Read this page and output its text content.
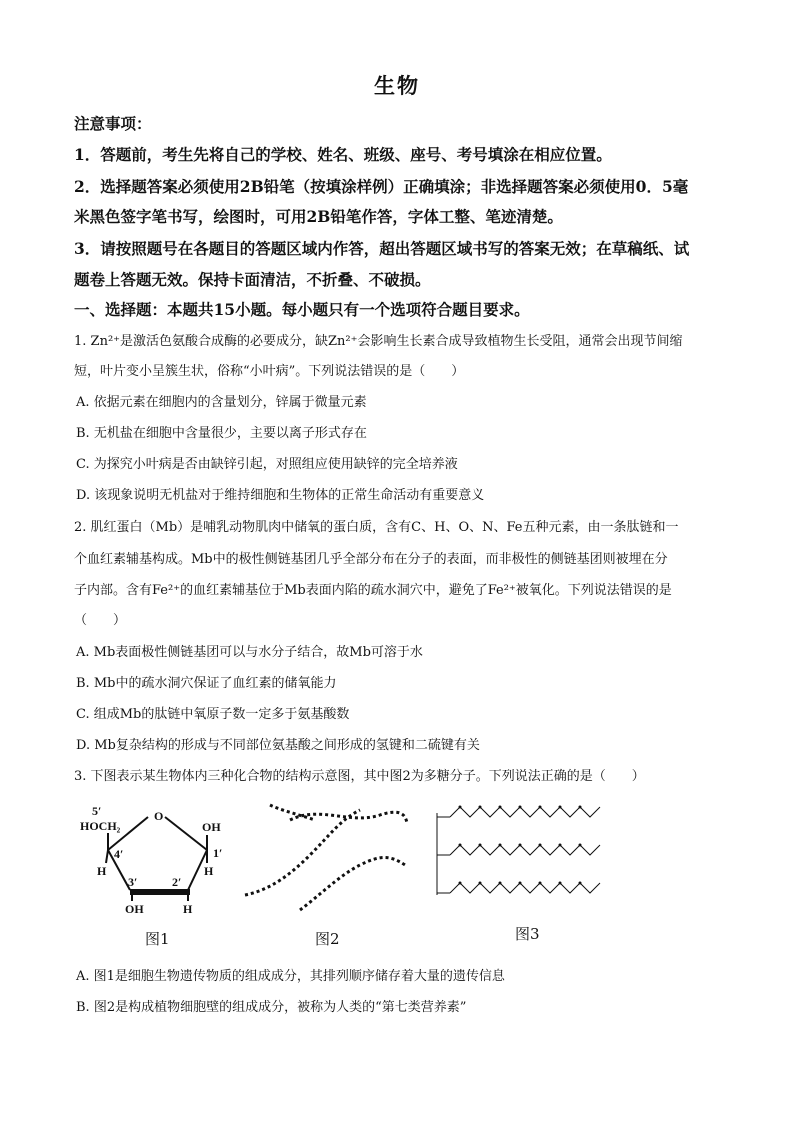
生物
注意事项：
1．答题前，考生先将自己的学校、姓名、班级、座号、考号填涂在相应位置。
2．选择题答案必须使用2B铅笔（按填涂样例）正确填涂；非选择题答案必须使用0．5毫
米黑色签字笔书写，绘图时，可用2B铅笔作答，字体工整、笔迹清楚。
3．请按照题号在各题目的答题区域内作答，超出答题区域书写的答案无效；在草稿纸、试
题卷上答题无效。保持卡面清洁，不折叠、不破损。
一、选择题：本题共15小题。每小题只有一个选项符合题目要求。
1. Zn²⁺是激活色氨酸合成酶的必要成分，缺Zn²⁺会影响生长素合成导致植物生长受阻，通常会出现节间缩
短，叶片变小呈簇生状，俗称“小叶病”。下列说法错误的是（　　）
A. 依据元素在细胞内的含量划分，锌属于微量元素
B. 无机盐在细胞中含量很少，主要以离子形式存在
C. 为探究小叶病是否由缺锌引起，对照组应使用缺锌的完全培养液
D. 该现象说明无机盐对于维持细胞和生物体的正常生命活动有重要意义
2. 肌红蛋白（Mb）是哺乳动物肌肉中储氧的蛋白质，含有C、H、O、N、Fe五种元素，由一条肽链和一
个血红素辅基构成。Mb中的极性侧链基团几乎全部分布在分子的表面，而非极性的侧链基团则被埋在分
子内部。含有Fe²⁺的血红素辅基位于Mb表面内陷的疏水洞穴中，避免了Fe²⁺被氧化。下列说法错误的是
（　　）
A. Mb表面极性侧链基团可以与水分子结合，故Mb可溶于水
B. Mb中的疏水洞穴保证了血红素的储氧能力
C. 组成Mb的肽链中氧原子数一定多于氨基酸数
D. Mb复杂结构的形成与不同部位氨基酸之间形成的氢键和二硫键有关
3. 下图表示某生物体内三种化合物的结构示意图，其中图2为多糖分子。下列说法正确的是（　　）
5′
HOCH₂
O
OH
4′	1′
H
3′	2′
H
OH	H
图1	图2	图3
A. 图1是细胞生物遗传物质的组成成分，其排列顺序储存着大量的遗传信息
B. 图2是构成植物细胞壁的组成成分，被称为人类的“第七类营养素”
